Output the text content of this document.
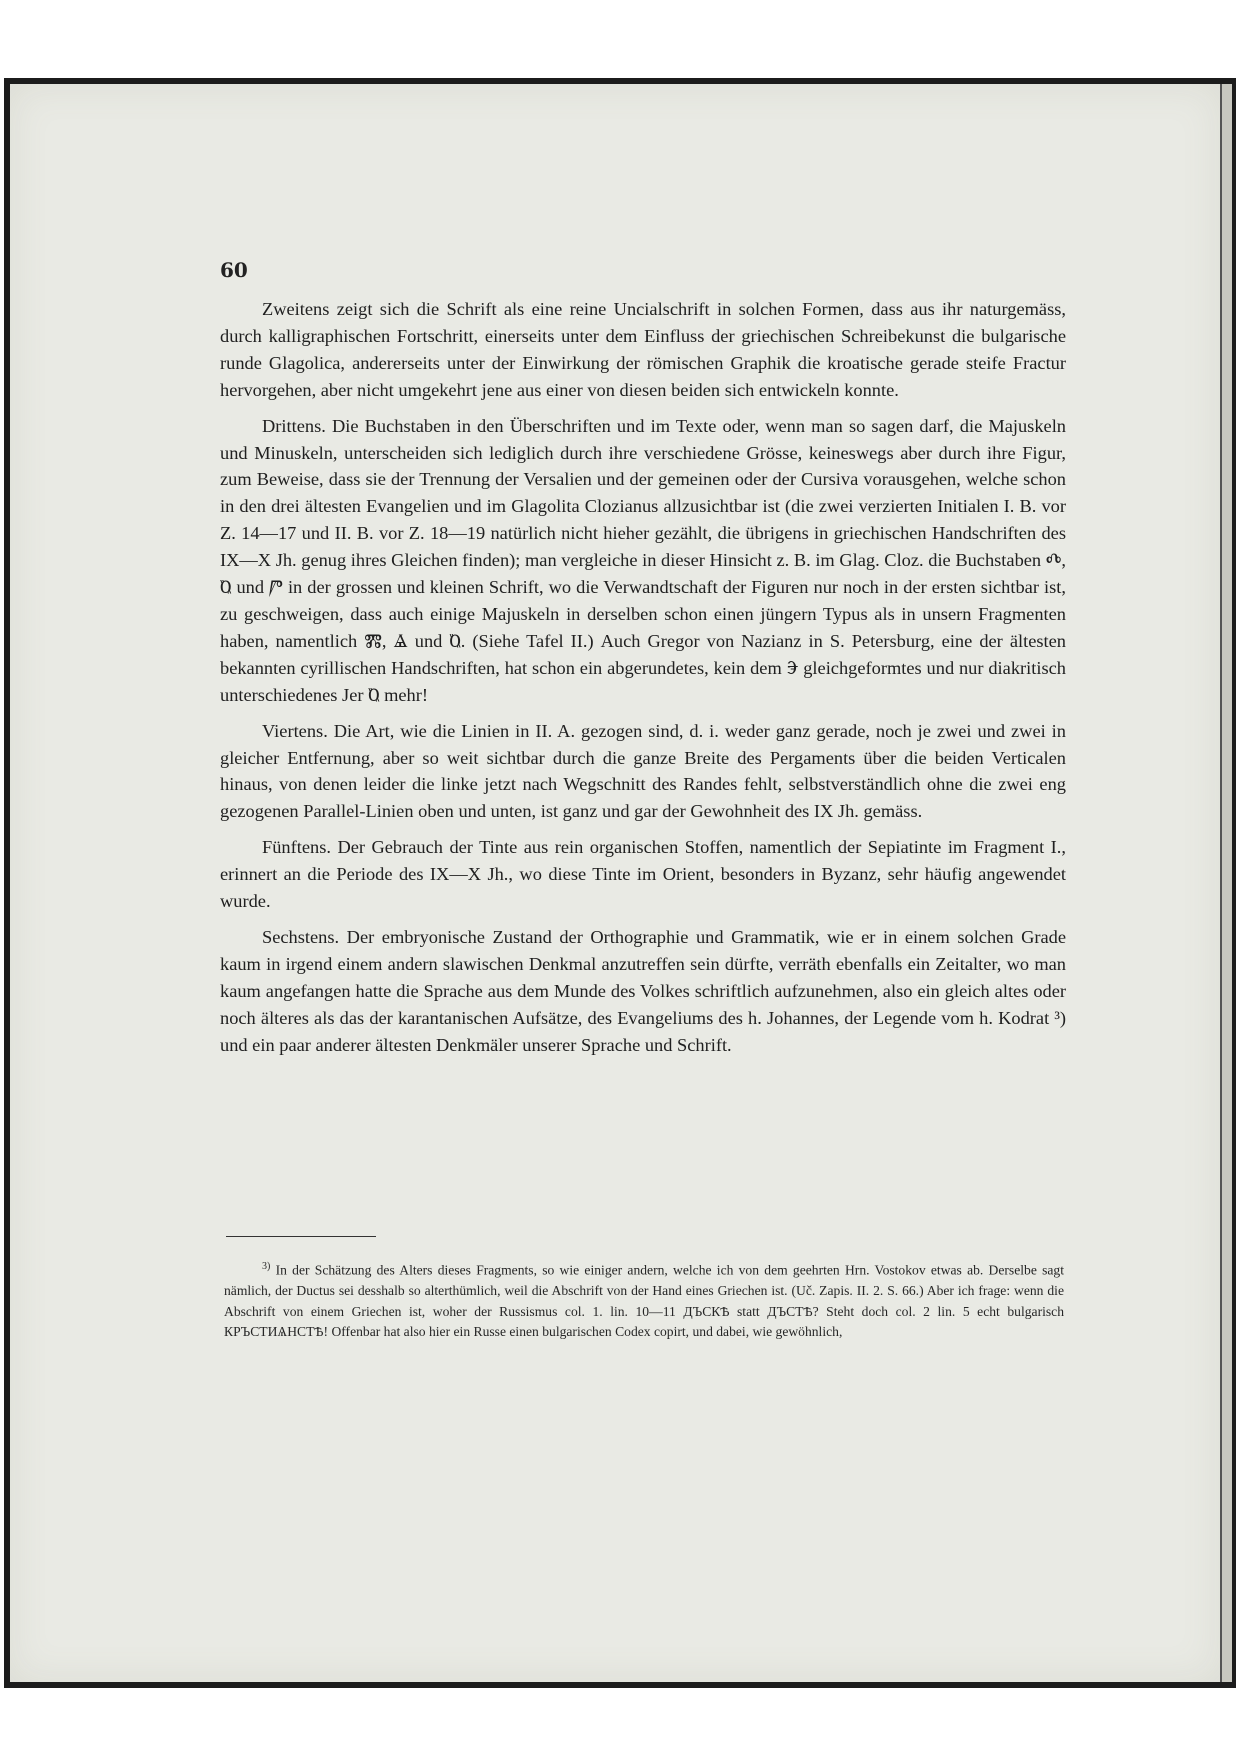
60

Zweitens zeigt sich die Schrift als eine reine Uncialschrift in solchen Formen, dass aus ihr naturgemäss, durch kalligraphischen Fortschritt, einerseits unter dem Einfluss der griechischen Schreibekunst die bulgarische runde Glagolica, andererseits unter der Einwirkung der römischen Graphik die kroatische gerade steife Fractur hervorgehen, aber nicht umgekehrt jene aus einer von diesen beiden sich entwickeln konnte.

Drittens. Die Buchstaben in den Überschriften und im Texte oder, wenn man so sagen darf, die Majuskeln und Minuskeln, unterscheiden sich lediglich durch ihre verschiedene Grösse, keineswegs aber durch ihre Figur, zum Beweise, dass sie der Trennung der Versalien und der gemeinen oder der Cursiva vorausgehen, welche schon in den drei ältesten Evangelien und im Glagolita Clozianus allzusichtbar ist (die zwei verzierten Initialen I. B. vor Z. 14—17 und II. B. vor Z. 18—19 natürlich nicht hieher gezählt, die übrigens in griechischen Handschriften des IX—X Jh. genug ihres Gleichen finden); man vergleiche in dieser Hinsicht z. B. im Glag. Cloz. die Buchstaben Ⰴ, Ⱒ und Ⱓ in der grossen und kleinen Schrift, wo die Verwandtschaft der Figuren nur noch in der ersten sichtbar ist, zu geschweigen, dass auch einige Majuskeln in derselben schon einen jüngern Typus als in unsern Fragmenten haben, namentlich Ⰿ, Ⱑ und Ⱒ. (Siehe Tafel II.) Auch Gregor von Nazianz in S. Petersburg, eine der ältesten bekannten cyrillischen Handschriften, hat schon ein abgerundetes, kein dem Ⰵ gleichgeformtes und nur diakritisch unterschiedenes Jer Ⱒ mehr!

Viertens. Die Art, wie die Linien in II. A. gezogen sind, d. i. weder ganz gerade, noch je zwei und zwei in gleicher Entfernung, aber so weit sichtbar durch die ganze Breite des Pergaments über die beiden Verticalen hinaus, von denen leider die linke jetzt nach Wegschnitt des Randes fehlt, selbstverständlich ohne die zwei eng gezogenen Parallel-Linien oben und unten, ist ganz und gar der Gewohnheit des IX Jh. gemäss.

Fünftens. Der Gebrauch der Tinte aus rein organischen Stoffen, namentlich der Sepiatinte im Fragment I., erinnert an die Periode des IX—X Jh., wo diese Tinte im Orient, besonders in Byzanz, sehr häufig angewendet wurde.

Sechstens. Der embryonische Zustand der Orthographie und Grammatik, wie er in einem solchen Grade kaum in irgend einem andern slawischen Denkmal anzutreffen sein dürfte, verräth ebenfalls ein Zeitalter, wo man kaum angefangen hatte die Sprache aus dem Munde des Volkes schriftlich aufzunehmen, also ein gleich altes oder noch älteres als das der karantanischen Aufsätze, des Evangeliums des h. Johannes, der Legende vom h. Kodrat ³) und ein paar anderer ältesten Denkmäler unserer Sprache und Schrift.

$^{3)}$ In der Schätzung des Alters dieses Fragments, so wie einiger andern, welche ich von dem geehrten Hrn. Vostokov etwas ab. Derselbe sagt nämlich, der Ductus sei desshalb so alterthümlich, weil die Abschrift von der Hand eines Griechen ist. (Uč. Zapis. II. 2. S. 66.) Aber ich frage: wenn die Abschrift von einem Griechen ist, woher der Russismus col. 1. lin. 10—11 ДЪСКѢ statt ДЪСТѢ? Steht doch col. 2 lin. 5 echt bulgarisch КРЪСТИѦНСТѢ! Offenbar hat also hier ein Russe einen bulgarischen Codex copirt, und dabei, wie gewöhnlich,
